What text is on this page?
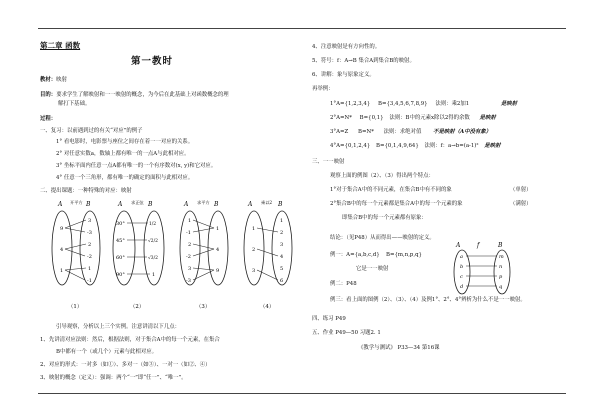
第二章 函数
第一教时
教材：映射
目的：要求学生了解映射和一一映射的概念，为今后在此基础上对函数概念的理
解打下基础。
过程：
一、复习：以前遇到过的有关“对应”的例子
1° 看电影时，电影票与座位之间存在着一一对应的关系。
2° 对任意实数a，数轴上都有唯一的一点A与此相对应。
3° 坐标平面内任意一点A都有唯一的一个有序数对(x, y)和它对应。
4° 任意一个三角形，都有唯一的确定的面积与此相对应。
二、提出课题：一种特殊的对应：映射
A 开平方 B
9
4
1
3
-3
2
-2
1
-1
（1）
A 求正弦 B
30°
45°
60°
90°
1/2
√2/2
√3/2
1
（2）
A 求平方 B
1
-1
2
-2
3
-3
1
4
9
（3）
A 乘以2 B
1
2
3
1
2
3
4
5
6
（4）
引导观察，分析以上三个实例。注意讲清以下几点：
1、先讲清对应法则：然后，根据法则，对于集合A中的每一个元素，在集合
B中都有一个（或几个）元素与此相对应。
2、对应的形式：一对多（如①）、多对一（如③）、一对一（如②、④）
3、映射的概念（定义）：强调：两个“一”即“任一”、“唯一”。
4、注意映射是有方向性的。
5、符号：f：A→B 集合A到集合B的映射。
6、讲解：象与原象定义。
再举例：
1°A={1,2,3,4} B={3,4,5,6,7,8,9} 法则：乘2加1	是映射
2°A=N* B={0,1} 法则：B中的元素x除以2得的余数 是映射
3°A=Z B=N* 法则：求绝对值 不是映射（A中没有象）
4°A={0,1,2,4} B={0,1,4,9,64} 法则：f：a→b=(a-1)² 是映射
三、一一映射
观察上面的例图（2）、（3）得出两个特点：
1°对于集合A中的不同元素，在集合B中有不同的象	（单射）
2°集合B中的每一个元素都是集合A中的每一个元素的象	（满射）
即集合B中的每一个元素都有原象：
结论：（见P48）从而得出——映射的定义。
例一：A={a,b,c,d} B={m,n,p,q}
它是一一映射
例二：P48
A	f	B
a
b
c
d
m
n
p
q
例三：看上面的图例（2）、（3）、（4）及例1°、2°、4°辨析为什么不是一一映射。
四、练习 P49
五、作业 P49—50 习题2. 1
《教学与测试》 P33—34 第16课
